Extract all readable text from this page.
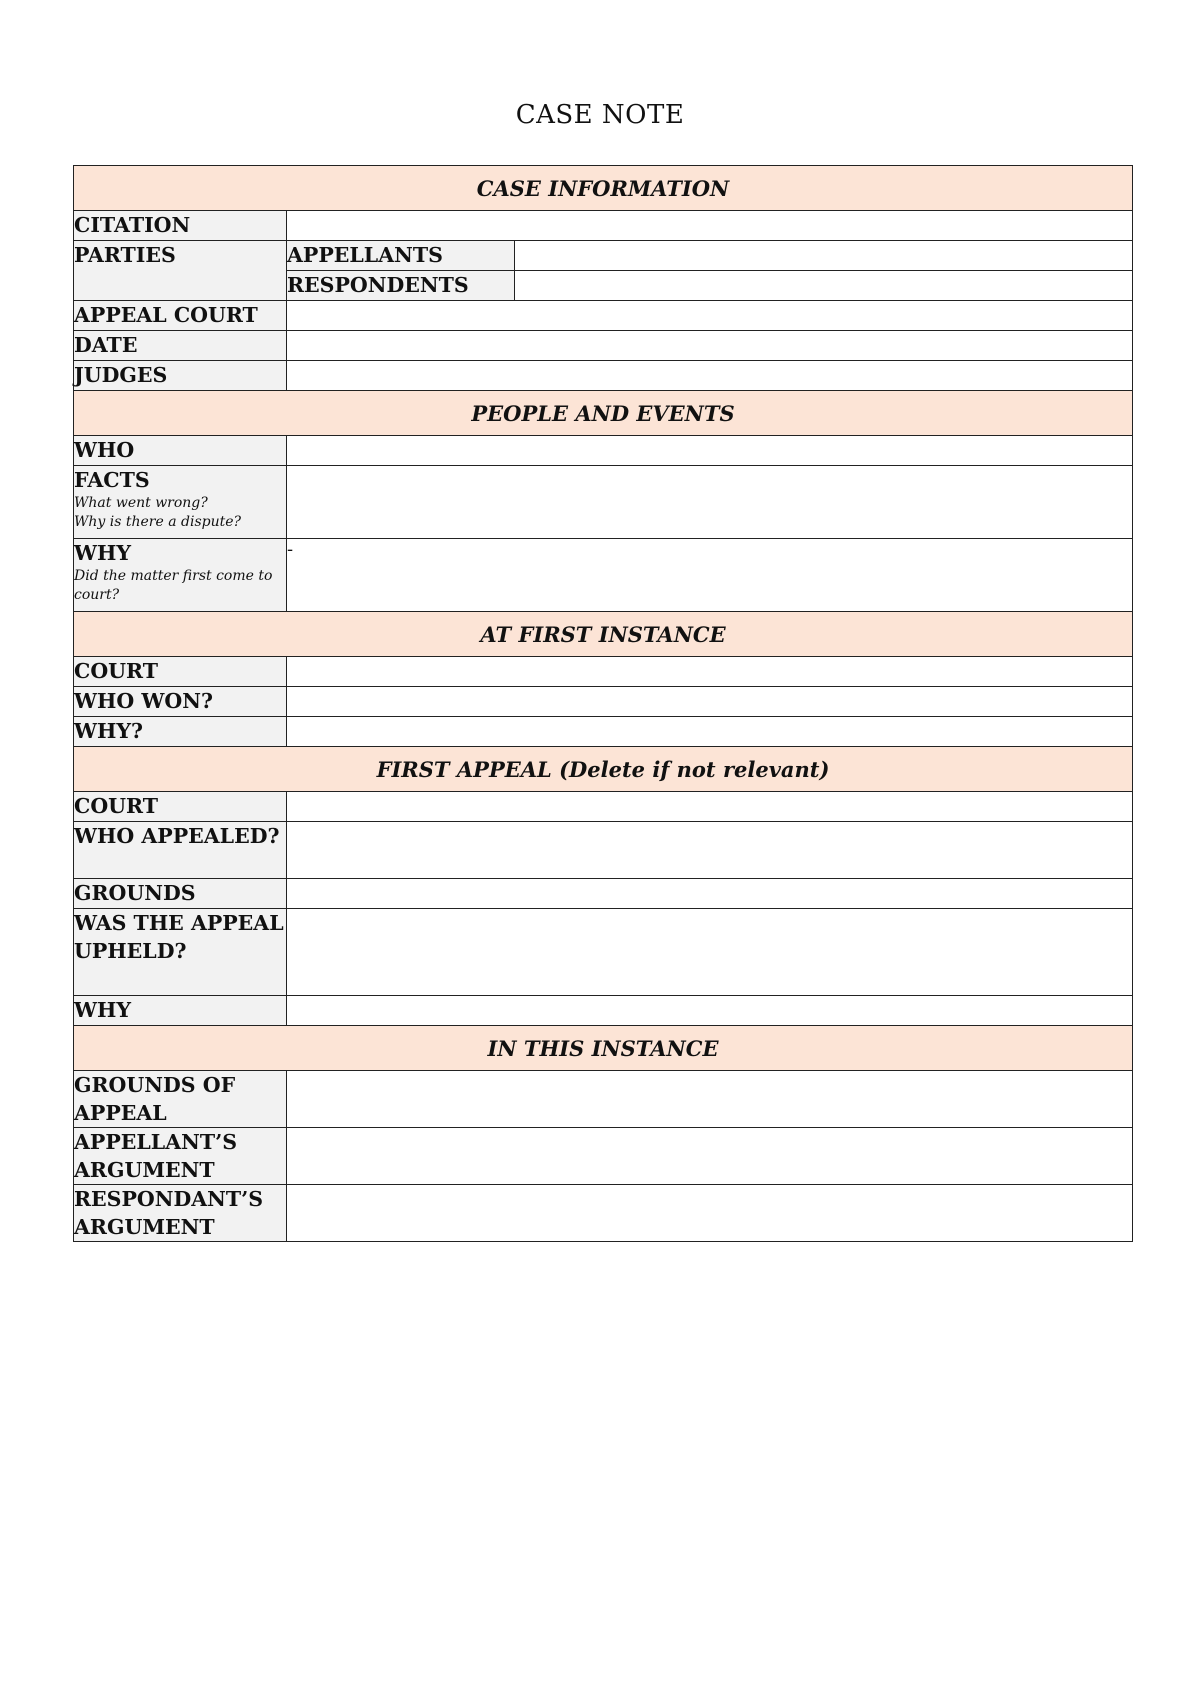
CASE NOTE
CASE INFORMATION		
CITATION		
PARTIES	APPELLANTS	
	RESPONDENTS	
APPEAL COURT		
DATE		
JUDGES		
PEOPLE AND EVENTS		
WHO		
FACTS
What went wrong?
Why is there a dispute?		

WHY
Did the matter first come to court?	-	
AT FIRST INSTANCE		
COURT		
WHO WON?		
WHY?		
FIRST APPEAL (Delete if not relevant)		
COURT		
WHO APPEALED?		
GROUNDS		
WAS THE APPEAL UPHELD?		
WHY		
IN THIS INSTANCE		
GROUNDS OF APPEAL		
APPELLANT’S ARGUMENT		
RESPONDANT’S ARGUMENT		
